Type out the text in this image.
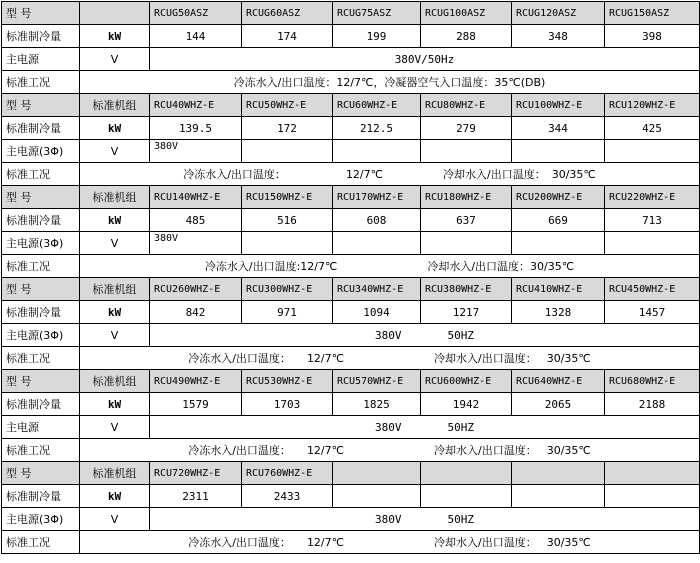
型 号		RCUG50ASZ	RCUG60ASZ	RCUG75ASZ	RCUG100ASZ	RCUG120ASZ	RCUG150ASZ
标准制冷量	kW	144	174	199	288	348	398
主电源	V	380V/50Hz					
标准工况	冷冻水入/出口温度：12/7℃，冷凝器空气入口温度：35℃(DB)						
型 号	标准机组	RCU40WHZ-E	RCU50WHZ-E	RCU60WHZ-E	RCU80WHZ-E	RCU100WHZ-E	RCU120WHZ-E
标准制冷量	kW	139.5	172	212.5	279	344	425
主电源(3Φ)	V	380V					
标准工况	冷冻水入/出口温度： 12/7℃ 冷却水入/出口温度： 30/35℃						
型 号	标准机组	RCU140WHZ-E	RCU150WHZ-E	RCU170WHZ-E	RCU180WHZ-E	RCU200WHZ-E	RCU220WHZ-E
标准制冷量	kW	485	516	608	637	669	713
主电源(3Φ)	V	380V					
标准工况	冷冻水入/出口温度:12/7℃ 冷却水入/出口温度：30/35℃						
型 号	标准机组	RCU260WHZ-E	RCU300WHZ-E	RCU340WHZ-E	RCU380WHZ-E	RCU410WHZ-E	RCU450WHZ-E
标准制冷量	kW	842	971	1094	1217	1328	1457
主电源(3Φ)	V	380V 50HZ					
标准工况	冷冻水入/出口温度： 12/7℃ 冷却水入/出口温度： 30/35℃						
型 号	标准机组	RCU490WHZ-E	RCU530WHZ-E	RCU570WHZ-E	RCU600WHZ-E	RCU640WHZ-E	RCU680WHZ-E
标准制冷量	kW	1579	1703	1825	1942	2065	2188
主电源	V	380V 50HZ					
标准工况	冷冻水入/出口温度： 12/7℃ 冷却水入/出口温度： 30/35℃						
型 号	标准机组	RCU720WHZ-E	RCU760WHZ-E				
标准制冷量	kW	2311	2433				
主电源(3Φ)	V	380V 50HZ					
标准工况	冷冻水入/出口温度： 12/7℃ 冷却水入/出口温度： 30/35℃						
